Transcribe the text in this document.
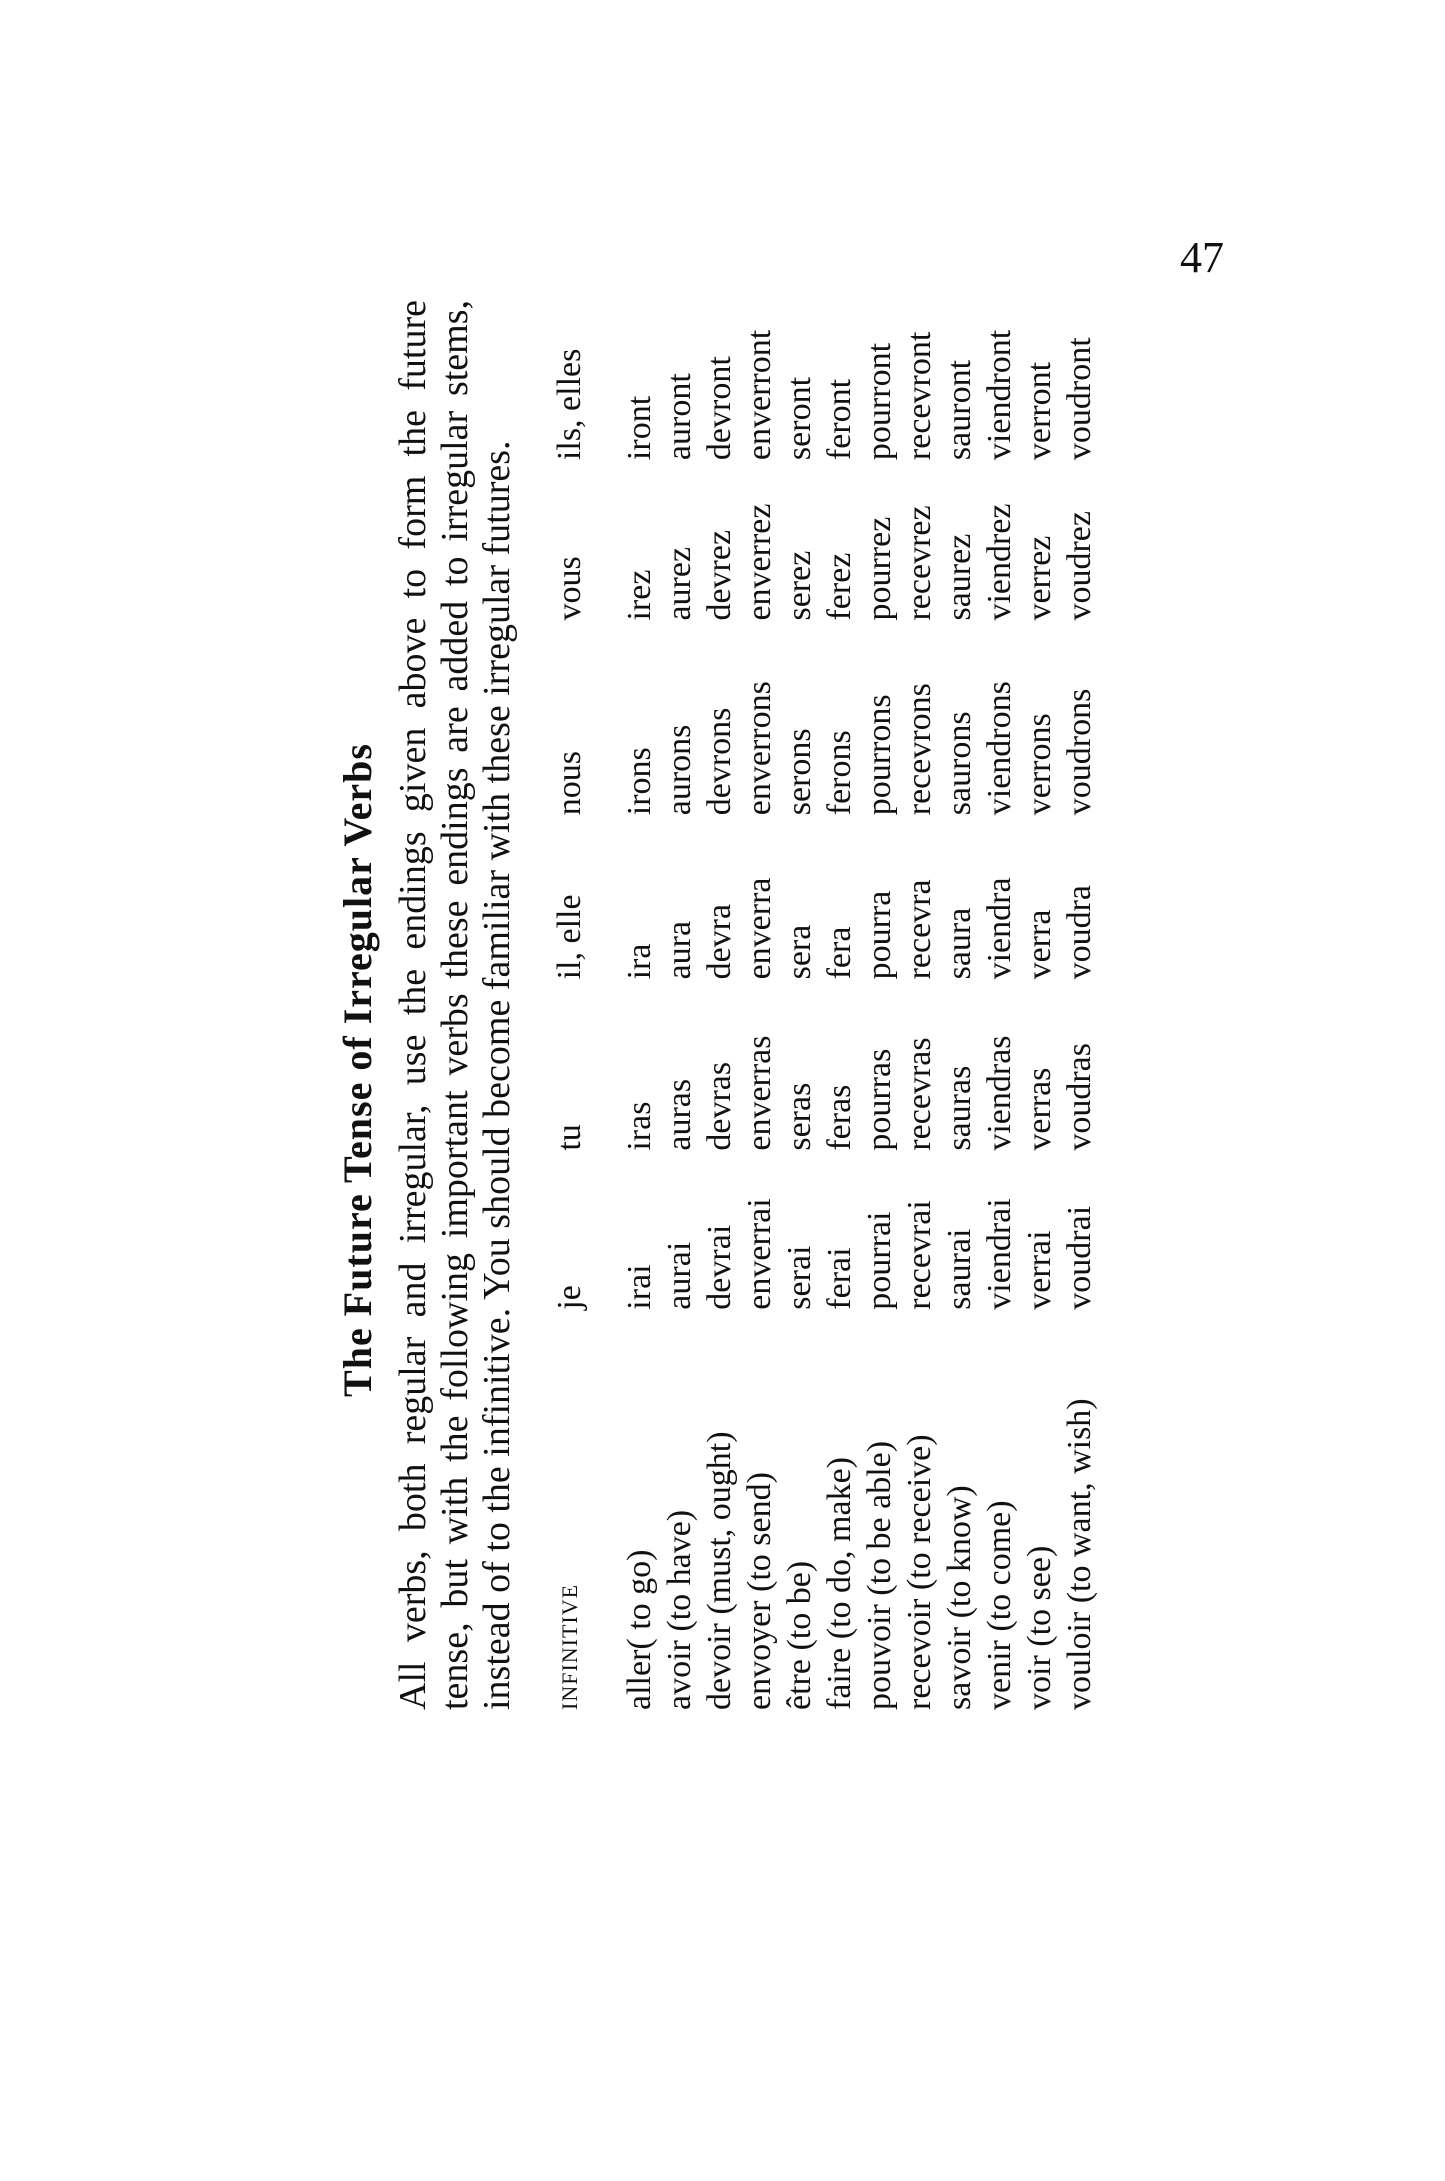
47
The Future Tense of Irregular Verbs All verbs, both regular and irregular, use the endings given above to form the future tense, but with the following important verbs these endings are added to irregular stems, instead of to the infinitive. You should become familiar with these irregular futures. INFINITIVE	je	tu	il, elle	nous	vous	ils, elles
aller( to go)	irai	iras	ira	irons	irez	iront
avoir (to have)	aurai	auras	aura	aurons	aurez	auront
devoir (must, ought)	devrai	devras	devra	devrons	devrez	devront
envoyer (to send)	enverrai	enverras	enverra	enverrons	enverrez	enverront
être (to be)	serai	seras	sera	serons	serez	seront
faire (to do, make)	ferai	feras	fera	ferons	ferez	feront
pouvoir (to be able)	pourrai	pourras	pourra	pourrons	pourrez	pourront
recevoir (to receive)	recevrai	recevras	recevra	recevrons	recevrez	recevront
savoir (to know)	saurai	sauras	saura	saurons	saurez	sauront
venir (to come)	viendrai	viendras	viendra	viendrons	viendrez	viendront
voir (to see)	verrai	verras	verra	verrons	verrez	verront
vouloir (to want, wish)	voudrai	voudras	voudra	voudrons	voudrez	voudront
